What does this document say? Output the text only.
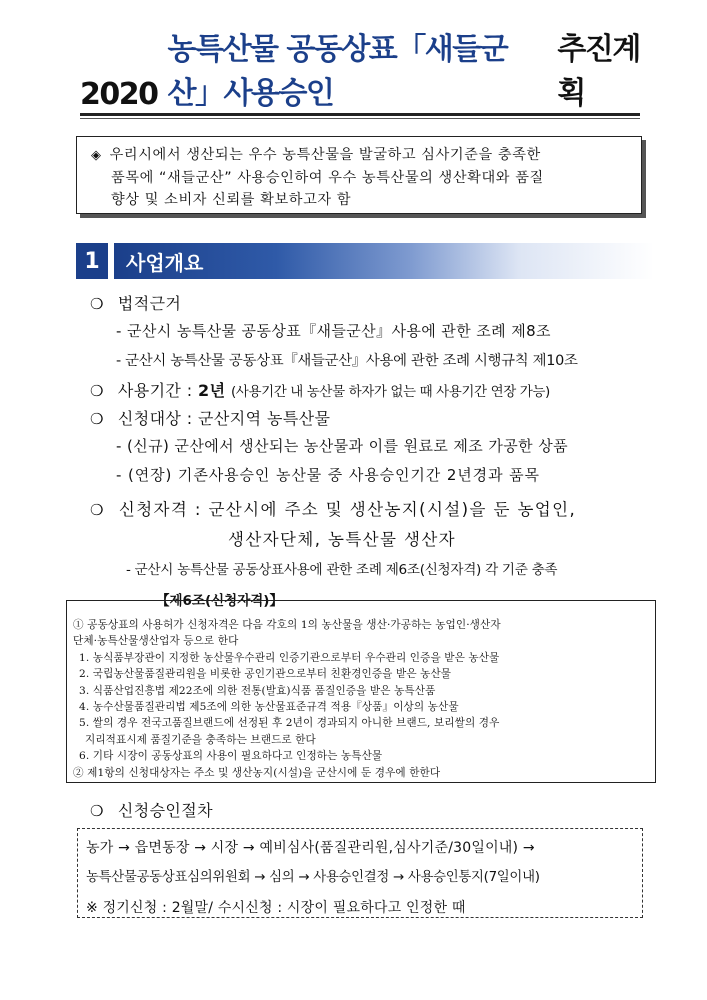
2020
농특산물 공동상표「새들군산」사용승인
추진계획
◈ 우리시에서 생산되는 우수 농특산물을 발굴하고 심사기준을 충족한
품목에 “새들군산” 사용승인하여 우수 농특산물의 생산확대와 품질
향상 및 소비자 신뢰를 확보하고자 함
1	사업개요
❍ 법적근거
- 군산시 농특산물 공동상표『새들군산』사용에 관한 조례 제8조
- 군산시 농특산물 공동상표『새들군산』사용에 관한 조례 시행규칙 제10조
❍ 사용기간 : 2년 (사용기간 내 농산물 하자가 없는 때 사용기간 연장 가능)
❍ 신청대상 : 군산지역 농특산물
- (신규) 군산에서 생산되는 농산물과 이를 원료로 제조 가공한 상품
- (연장) 기존사용승인 농산물 중 사용승인기간 2년경과 품목
❍ 신청자격 : 군산시에 주소 및 생산농지(시설)을 둔 농업인,
생산자단체, 농특산물 생산자
- 군산시 농특산물 공동상표사용에 관한 조례 제6조(신청자격) 각 기준 충족
【제6조(신청자격)】
① 공동상표의 사용허가 신청자격은 다음 각호의 1의 농산물을 생산·가공하는 농업인·생산자
단체·농특산물생산업자 등으로 한다
1. 농식품부장관이 지정한 농산물우수관리 인증기관으로부터 우수관리 인증을 받은 농산물
2. 국립농산물품질관리원을 비롯한 공인기관으로부터 친환경인증을 받은 농산물
3. 식품산업진흥법 제22조에 의한 전통(발효)식품 품질인증을 받은 농특산품
4. 농수산물품질관리법 제5조에 의한 농산물표준규격 적용『상품』이상의 농산물
5. 쌀의 경우 전국고품질브랜드에 선정된 후 2년이 경과되지 아니한 브랜드, 보리쌀의 경우
지리적표시제 품질기준을 충족하는 브랜드로 한다
6. 기타 시장이 공동상표의 사용이 필요하다고 인정하는 농특산물
② 제1항의 신청대상자는 주소 및 생산농지(시설)을 군산시에 둔 경우에 한한다
❍ 신청승인절차
농가 → 읍면동장 → 시장 → 예비심사(품질관리원,심사기준/30일이내) →
농특산물공동상표심의위원회 → 심의 → 사용승인결정 → 사용승인통지(7일이내)
※ 정기신청 : 2월말/ 수시신청 : 시장이 필요하다고 인정한 때
